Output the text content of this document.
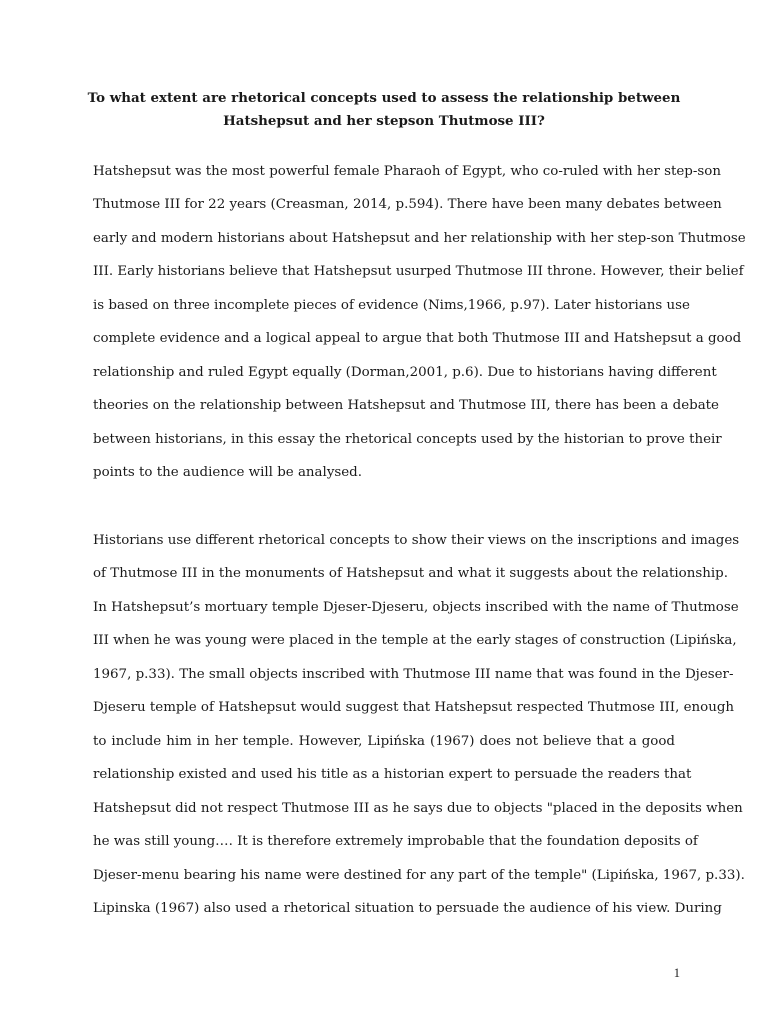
To what extent are rhetorical concepts used to assess the relationship between
Hatshepsut and her stepson Thutmose III?
Hatshepsut was the most powerful female Pharaoh of Egypt, who co-ruled with her step-son
Thutmose III for 22 years (Creasman, 2014, p.594). There have been many debates between
early and modern historians about Hatshepsut and her relationship with her step-son Thutmose
III. Early historians believe that Hatshepsut usurped Thutmose III throne. However, their belief
is based on three incomplete pieces of evidence (Nims,1966, p.97). Later historians use
complete evidence and a logical appeal to argue that both Thutmose III and Hatshepsut a good
relationship and ruled Egypt equally (Dorman,2001, p.6). Due to historians having different
theories on the relationship between Hatshepsut and Thutmose III, there has been a debate
between historians, in this essay the rhetorical concepts used by the historian to prove their
points to the audience will be analysed.
Historians use different rhetorical concepts to show their views on the inscriptions and images
of Thutmose III in the monuments of Hatshepsut and what it suggests about the relationship.
In Hatshepsut’s mortuary temple Djeser-Djeseru, objects inscribed with the name of Thutmose
III when he was young were placed in the temple at the early stages of construction (Lipińska,
1967, p.33). The small objects inscribed with Thutmose III name that was found in the Djeser-
Djeseru temple of Hatshepsut would suggest that Hatshepsut respected Thutmose III, enough
to include him in her temple. However, Lipińska (1967) does not believe that a good
relationship existed and used his title as a historian expert to persuade the readers that
Hatshepsut did not respect Thutmose III as he says due to objects "placed in the deposits when
he was still young…. It is therefore extremely improbable that the foundation deposits of
Djeser-menu bearing his name were destined for any part of the temple" (Lipińska, 1967, p.33).
Lipinska (1967) also used a rhetorical situation to persuade the audience of his view. During
1
